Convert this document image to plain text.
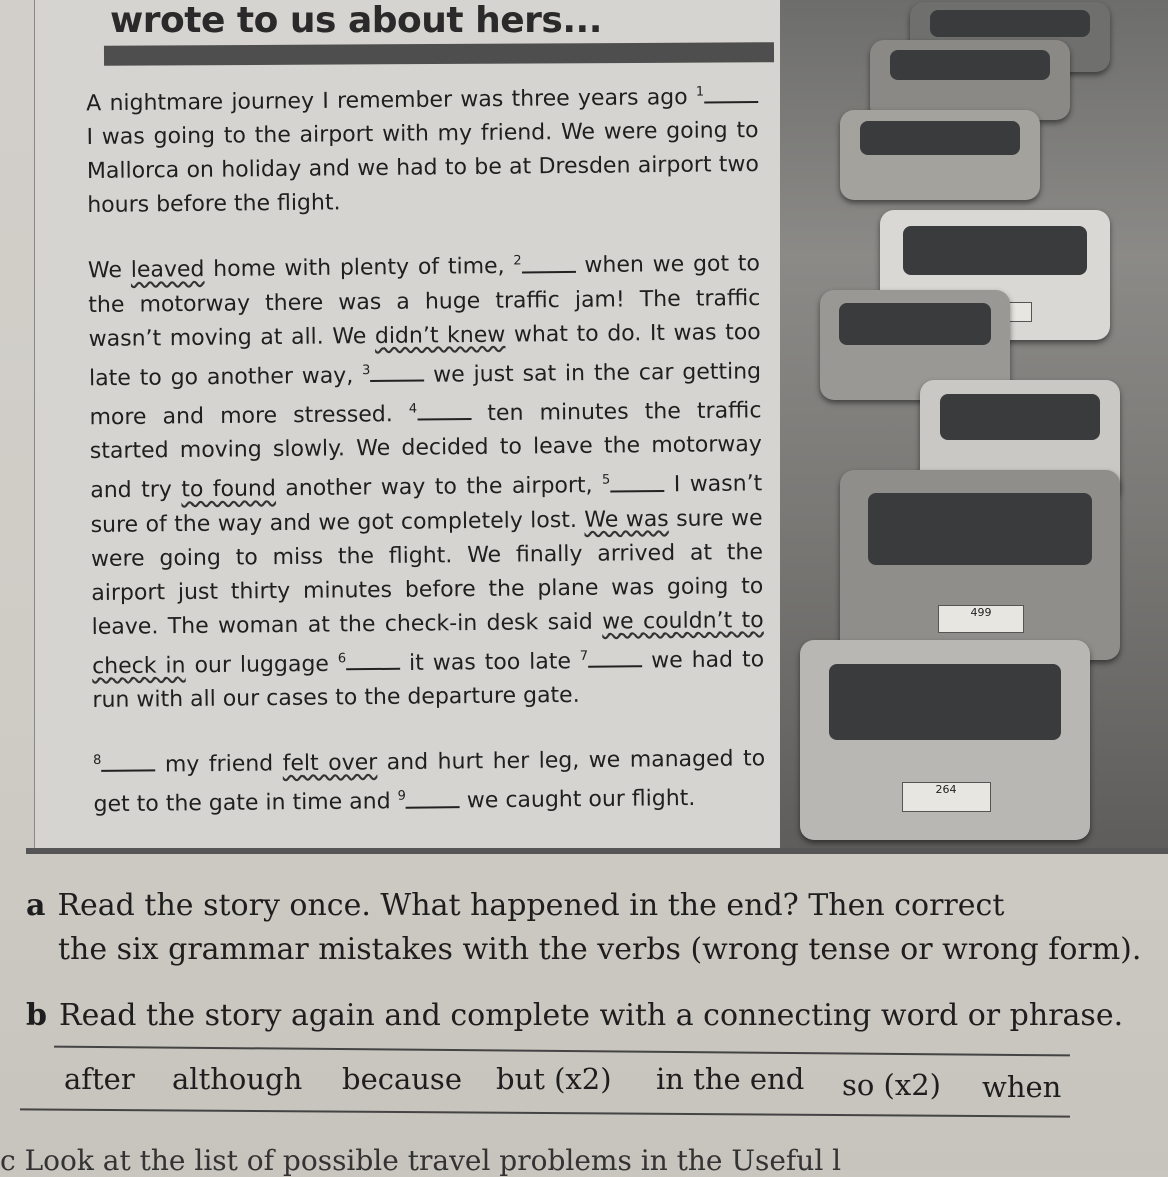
wrote to us about hers...

A nightmare journey I remember was three years ago $^1$ I was going to the airport with my friend. We were going to Mallorca on holiday and we had to be at Dresden airport two hours before the flight.

We leaved home with plenty of time, $^2$ when we got to the motorway there was a huge traffic jam! The traffic wasn’t moving at all. We didn’t knew what to do. It was too late to go another way, $^3$ we just sat in the car getting more and more stressed. $^4$ ten minutes the traffic started moving slowly. We decided to leave the motorway and try to found another way to the airport, $^5$ I wasn’t sure of the way and we got completely lost. We was sure we were going to miss the flight. We finally arrived at the airport just thirty minutes before the plane was going to leave. The woman at the check-in desk said we couldn’t to check in our luggage $^6$ it was too late $^7$ we had to run with all our cases to the departure gate.

$^8$ my friend felt over and hurt her leg, we managed to get to the gate in time and $^9$ we caught our flight.

499
264
a Read the story once. What happened in the end? Then correct
the six grammar mistakes with the verbs (wrong tense or wrong form).
b Read the story again and complete with a connecting word or phrase.
after although because but (x2) in the end so (x2) when
c Look at the list of possible travel problems in the Useful l
